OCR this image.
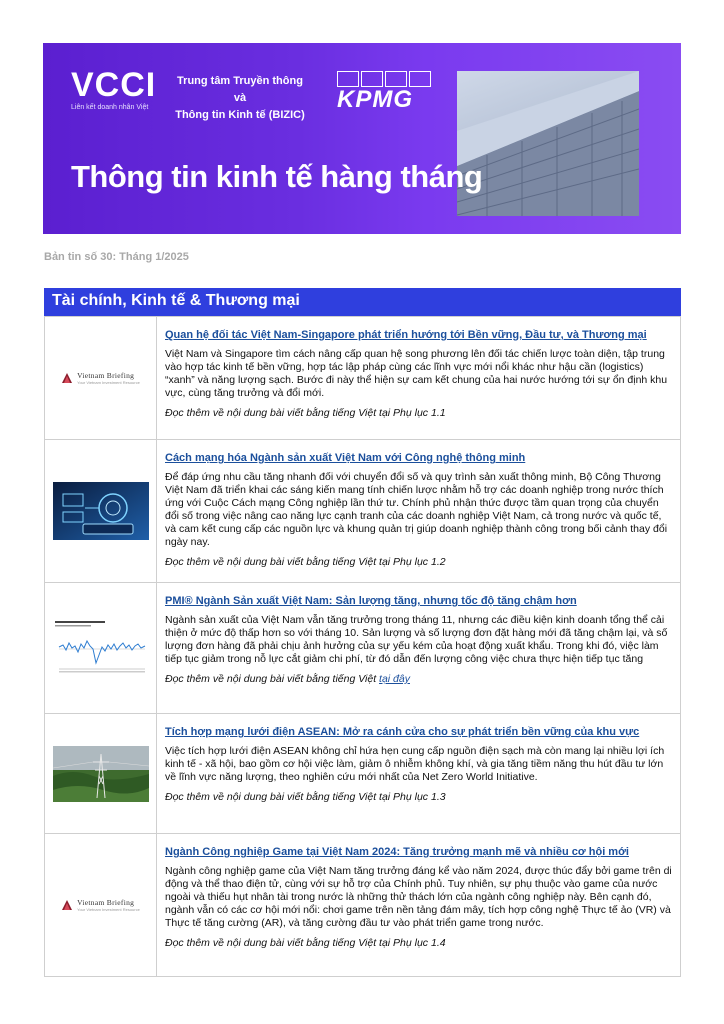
VCCI
Liên kết doanh nhân Việt
Trung tâm Truyền thông và
Thông tin Kinh tế (BIZIC)
KPMG
Thông tin kinh tế hàng tháng
Bản tin số 30: Tháng 1/2025
Tài chính, Kinh tế & Thương mại
Vietnam Briefing
Your Vietnam Investment Resource
Quan hệ đối tác Việt Nam-Singapore phát triển hướng tới Bền vững, Đầu tư, và Thương mại
Việt Nam và Singapore tìm cách nâng cấp quan hệ song phương lên đối tác chiến lược toàn diện, tập trung vào hợp tác kinh tế bền vững, hợp tác lập pháp cùng các lĩnh vực mới nổi khác như hậu cần (logistics) “xanh” và năng lượng sạch. Bước đi này thể hiện sự cam kết chung của hai nước hướng tới sự ổn định khu vực, cùng tăng trưởng và đổi mới.
Đọc thêm về nội dung bài viết bằng tiếng Việt tại Phụ lục 1.1
Cách mạng hóa Ngành sản xuất Việt Nam với Công nghệ thông minh
Để đáp ứng nhu cầu tăng nhanh đối với chuyển đổi số và quy trình sản xuất thông minh, Bộ Công Thương Việt Nam đã triển khai các sáng kiến mang tính chiến lược nhằm hỗ trợ các doanh nghiệp trong nước thích ứng với Cuộc Cách mạng Công nghiệp lần thứ tư. Chính phủ nhận thức được tầm quan trọng của chuyển đổi số trong việc nâng cao năng lực cạnh tranh của các doanh nghiệp Việt Nam, cả trong nước và quốc tế, và cam kết cung cấp các nguồn lực và khung quản trị giúp doanh nghiệp thành công trong bối cảnh thay đổi ngày nay.
Đọc thêm về nội dung bài viết bằng tiếng Việt tại Phụ lục 1.2
PMI® Ngành Sản xuất Việt Nam: Sản lượng tăng, nhưng tốc độ tăng chậm hơn
Ngành sản xuất của Việt Nam vẫn tăng trưởng trong tháng 11, nhưng các điều kiện kinh doanh tổng thể cải thiện ở mức độ thấp hơn so với tháng 10. Sản lượng và số lượng đơn đặt hàng mới đã tăng chậm lại, và số lượng đơn hàng đã phải chịu ảnh hưởng của sự yếu kém của hoạt động xuất khẩu. Trong khi đó, việc làm tiếp tục giảm trong nỗ lực cắt giảm chi phí, từ đó dẫn đến lượng công việc chưa thực hiện tiếp tục tăng
Đọc thêm về nội dung bài viết bằng tiếng Việt tại đây
Tích hợp mạng lưới điện ASEAN: Mở ra cánh cửa cho sự phát triển bền vững của khu vực
Việc tích hợp lưới điện ASEAN không chỉ hứa hẹn cung cấp nguồn điện sạch mà còn mang lại nhiều lợi ích kinh tế - xã hội, bao gồm cơ hội việc làm, giảm ô nhiễm không khí, và gia tăng tiềm năng thu hút đầu tư lớn về lĩnh vực năng lượng, theo nghiên cứu mới nhất của Net Zero World Initiative.
Đọc thêm về nội dung bài viết bằng tiếng Việt tại Phụ lục 1.3
Vietnam Briefing
Your Vietnam Investment Resource
Ngành Công nghiệp Game tại Việt Nam 2024: Tăng trưởng mạnh mẽ và nhiều cơ hội mới
Ngành công nghiệp game của Việt Nam tăng trưởng đáng kể vào năm 2024, được thúc đẩy bởi game trên di động và thể thao điện tử, cùng với sự hỗ trợ của Chính phủ. Tuy nhiên, sự phụ thuộc vào game của nước ngoài và thiếu hụt nhân tài trong nước là những thử thách lớn của ngành công nghiệp này. Bên cạnh đó, ngành vẫn có các cơ hội mới nổi: chơi game trên nền tảng đám mây, tích hợp công nghệ Thực tế ảo (VR) và Thực tế tăng cường (AR), và tăng cường đầu tư vào phát triển game trong nước.
Đọc thêm về nội dung bài viết bằng tiếng Việt tại Phụ lục 1.4
